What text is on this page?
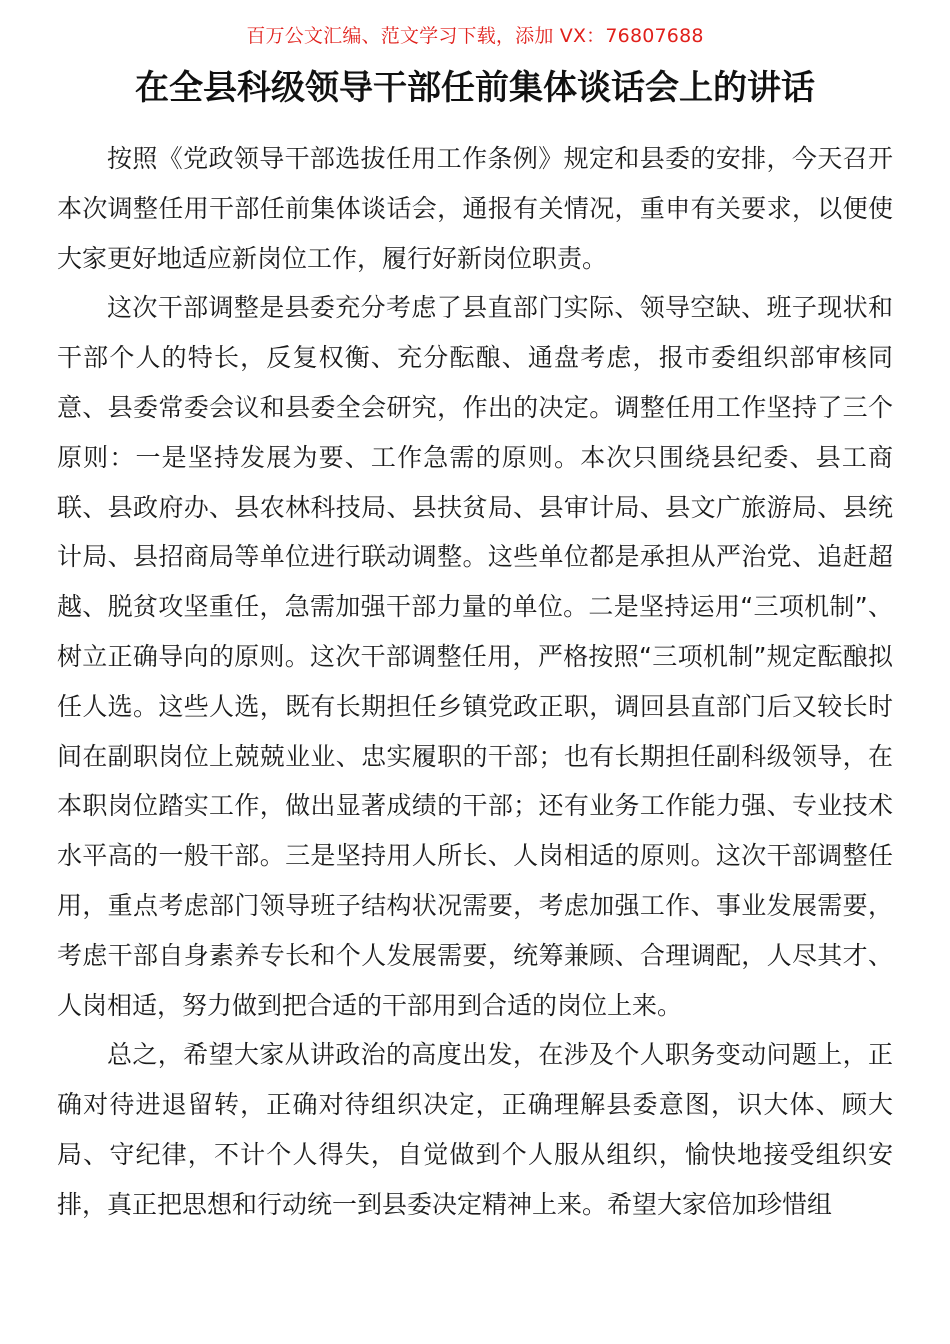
百万公文汇编、范文学习下载，添加 VX：76807688
在全县科级领导干部任前集体谈话会上的讲话

按照《党政领导干部选拔任用工作条例》规定和县委的安排，今天召开本次调整任用干部任前集体谈话会，通报有关情况，重申有关要求，以便使大家更好地适应新岗位工作，履行好新岗位职责。

这次干部调整是县委充分考虑了县直部门实际、领导空缺、班子现状和干部个人的特长，反复权衡、充分酝酿、通盘考虑，报市委组织部审核同意、县委常委会议和县委全会研究，作出的决定。调整任用工作坚持了三个原则：一是坚持发展为要、工作急需的原则。本次只围绕县纪委、县工商联、县政府办、县农林科技局、县扶贫局、县审计局、县文广旅游局、县统计局、县招商局等单位进行联动调整。这些单位都是承担从严治党、追赶超越、脱贫攻坚重任，急需加强干部力量的单位。二是坚持运用“三项机制”、树立正确导向的原则。这次干部调整任用，严格按照“三项机制”规定酝酿拟任人选。这些人选，既有长期担任乡镇党政正职，调回县直部门后又较长时间在副职岗位上兢兢业业、忠实履职的干部；也有长期担任副科级领导，在本职岗位踏实工作，做出显著成绩的干部；还有业务工作能力强、专业技术水平高的一般干部。三是坚持用人所长、人岗相适的原则。这次干部调整任用，重点考虑部门领导班子结构状况需要，考虑加强工作、事业发展需要，考虑干部自身素养专长和个人发展需要，统筹兼顾、合理调配，人尽其才、人岗相适，努力做到把合适的干部用到合适的岗位上来。

总之，希望大家从讲政治的高度出发，在涉及个人职务变动问题上，正确对待进退留转，正确对待组织决定，正确理解县委意图，识大体、顾大局、守纪律，不计个人得失，自觉做到个人服从组织，愉快地接受组织安排，真正把思想和行动统一到县委决定精神上来。希望大家倍加珍惜组
